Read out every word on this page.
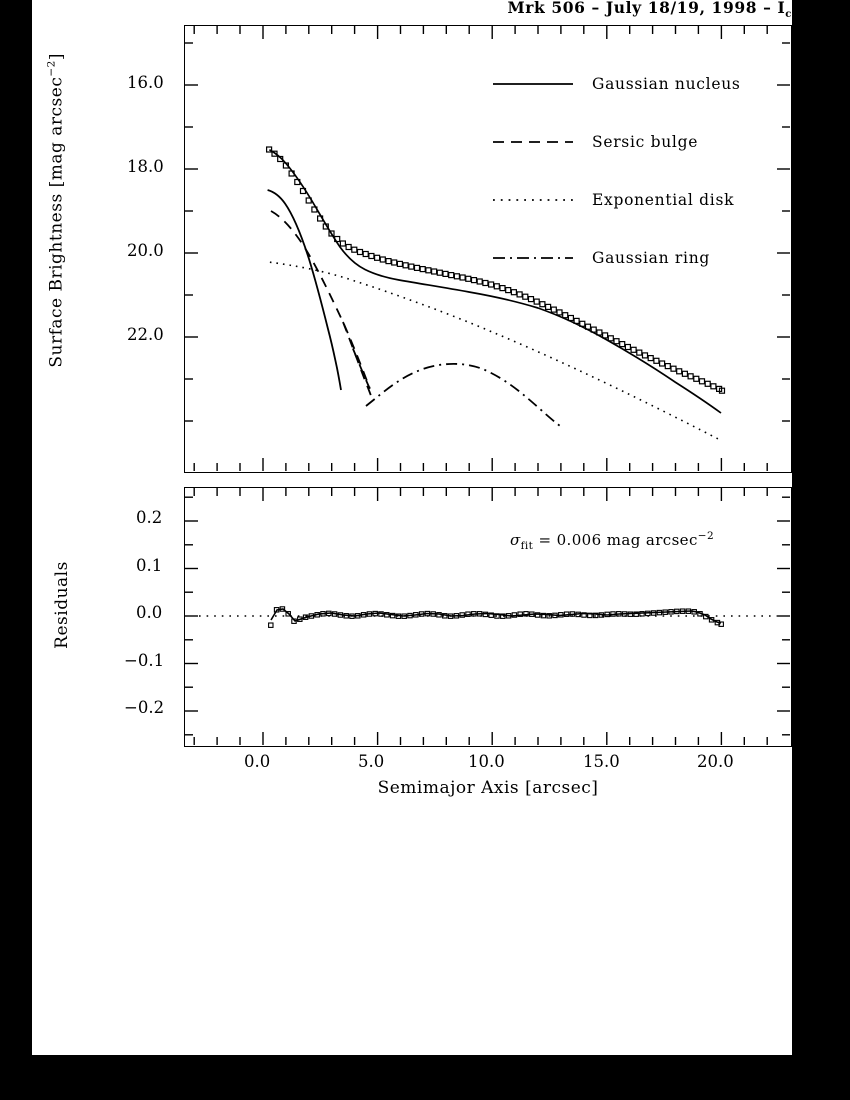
Mrk 506 – July 18/19, $1998 - I_c$
Surface Brightness [mag arcsec$^{-2}$]
Residuals
Semimajor Axis [arcsec]
16.0
18.0
20.0
22.0
0.2
0.1
0.0
−0.1
−0.2
0.0	5.0	10.0	15.0	20.0
Gaussian nucleus
Sersic bulge
Exponential disk
Gaussian ring
$\sigma_{fit} = 0.006$ mag arcsec$^{-2}$
